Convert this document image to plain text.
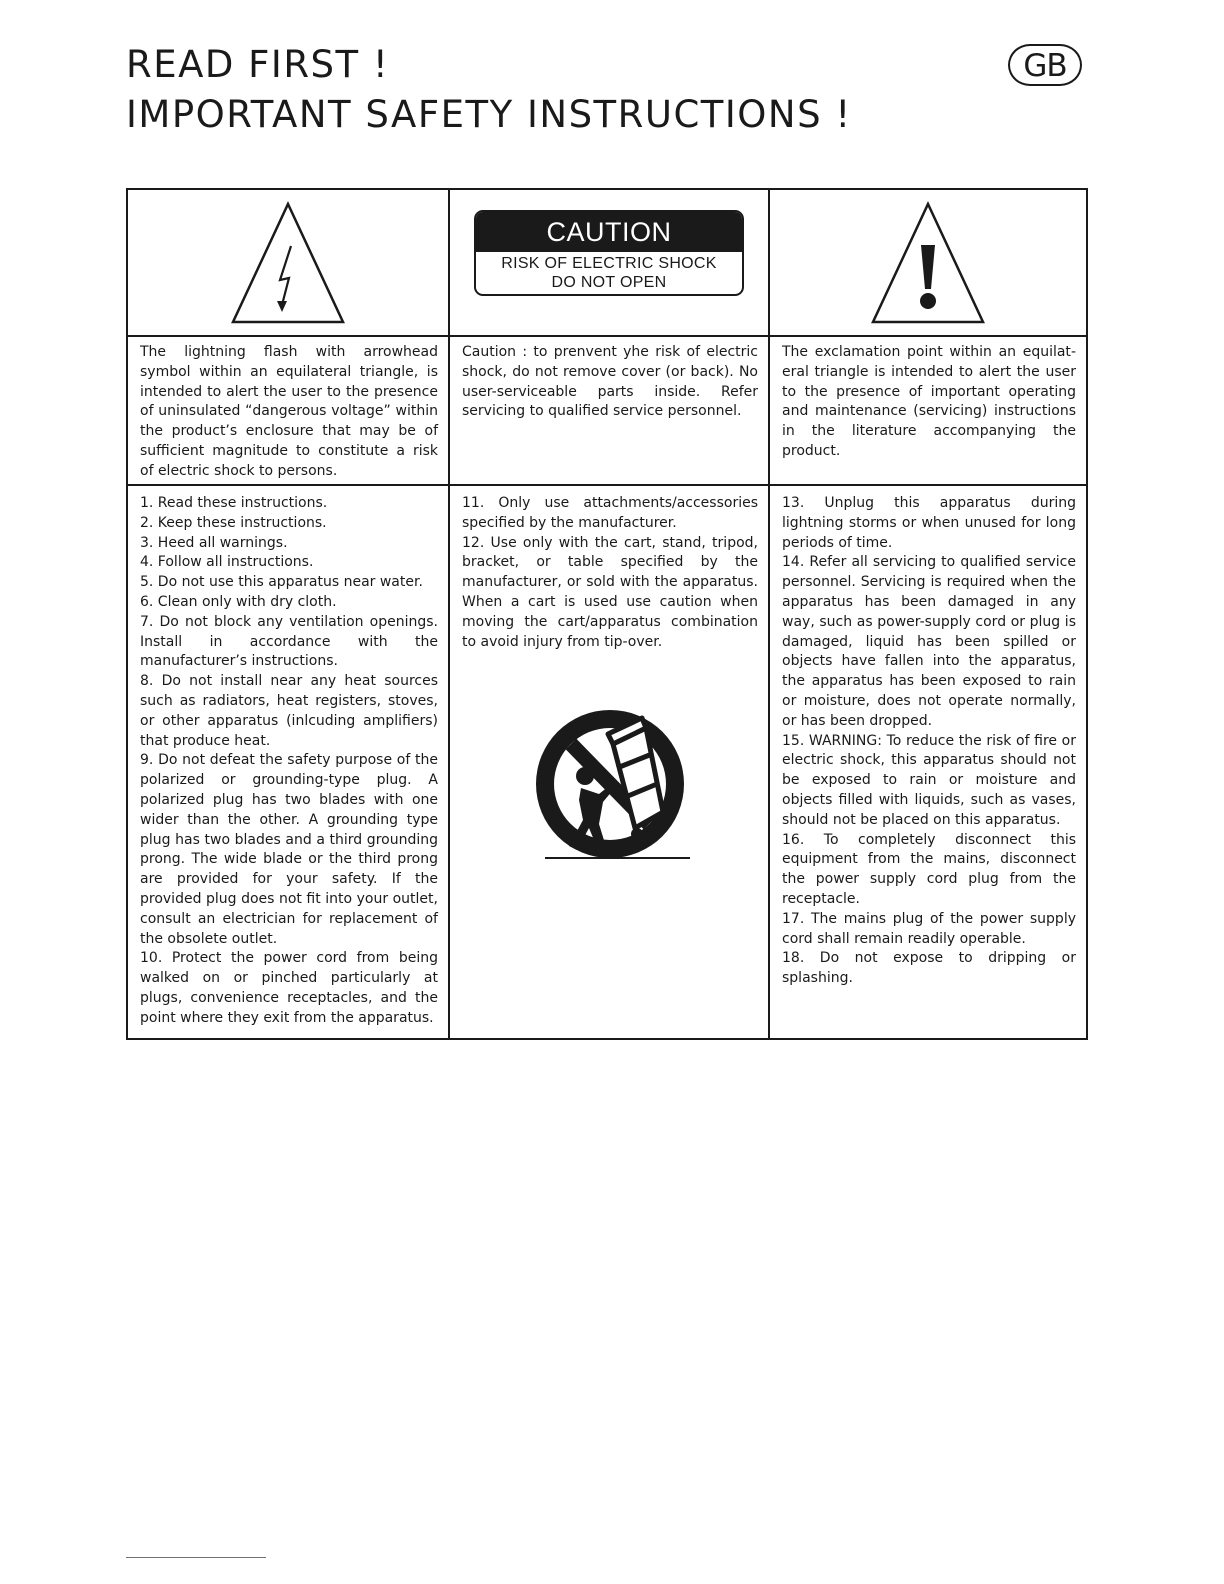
READ FIRST !
IMPORTANT SAFETY INSTRUCTIONS !
GB
CAUTION
RISK OF ELECTRIC SHOCK
DO NOT OPEN

The lightning flash with arrowhead symbol within an equilateral triangle, is intended to alert the user to the presence of uninsulated “dangerous voltage” within the product’s enclosure that may be of sufficient magnitude to constitute a risk of electric shock to persons.

Caution : to prenvent yhe risk of electric shock, do not remove cover (or back). No user-serviceable parts inside. Refer servicing to qualified service personnel.

The exclamation point within an equilateral triangle is intended to alert the user to the presence of important operating and maintenance (servicing) instructions in the literature accompanying the product.

1. Read these instructions.
2. Keep these instructions.
3. Heed all warnings.
4. Follow all instructions.
5. Do not use this apparatus near water.
6. Clean only with dry cloth.
7. Do not block any ventilation openings. Install in accordance with the manufacturer’s instructions.
8. Do not install near any heat sources such as radiators, heat registers, stoves, or other apparatus (inlcuding amplifiers) that produce heat.
9. Do not defeat the safety purpose of the polarized or grounding-type plug. A polarized plug has two blades with one wider than the other. A grounding type plug has two blades and a third grounding prong. The wide blade or the third prong are provided for your safety. If the provided plug does not fit into your outlet, consult an electrician for replacement of the obsolete outlet.
10. Protect the power cord from being walked on or pinched particularly at plugs, convenience receptacles, and the point where they exit from the apparatus.
11. Only use attachments/accessories specified by the manufacturer.
12. Use only with the cart, stand, tripod, bracket, or table specified by the manufacturer, or sold with the apparatus. When a cart is used use caution when moving the cart/apparatus combination to avoid injury from tip-over.
13. Unplug this apparatus during lightning storms or when unused for long periods of time.
14. Refer all servicing to qualified service personnel. Servicing is required when the apparatus has been damaged in any way, such as power-supply cord or plug is damaged, liquid has been spilled or objects have fallen into the apparatus, the apparatus has been exposed to rain or moisture, does not operate normally, or has been dropped.
15. WARNING: To reduce the risk of fire or electric shock, this apparatus should not be exposed to rain or moisture and objects filled with liquids, such as vases, should not be placed on this apparatus.
16. To completely disconnect this equipment from the mains, disconnect the power supply cord plug from the receptacle.
17. The mains plug of the power supply cord shall remain readily operable.
18. Do not expose to dripping or splashing.
